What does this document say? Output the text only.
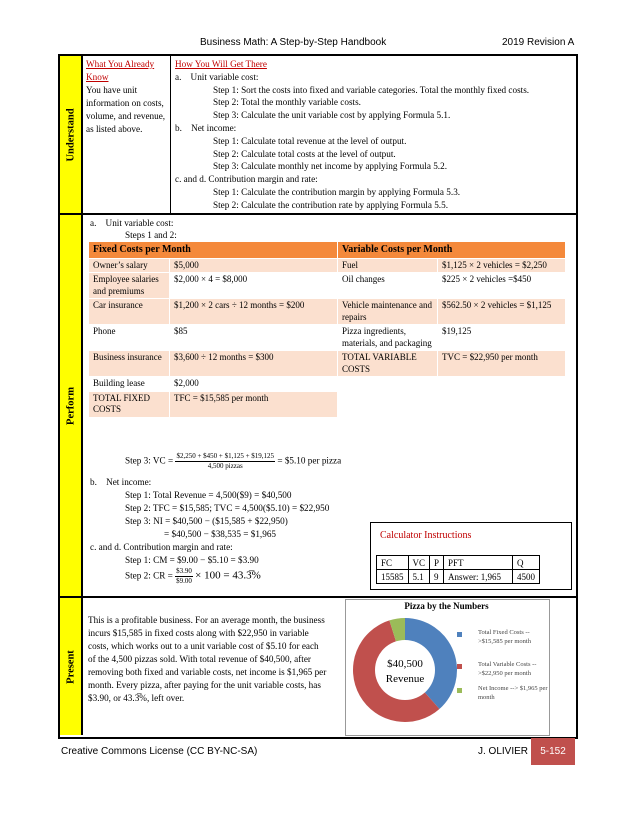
Business Math: A Step-by-Step Handbook	2019 Revision A
Understand
Perform
Present
What You Already Know
You have unit information on costs, volume, and revenue, as listed above.
How You Will Get There
a. Unit variable cost:
Step 1: Sort the costs into fixed and variable categories. Total the monthly fixed costs.
Step 2: Total the monthly variable costs.
Step 3: Calculate the unit variable cost by applying Formula 5.1.
b. Net income:
Step 1: Calculate total revenue at the level of output.
Step 2: Calculate total costs at the level of output.
Step 3: Calculate monthly net income by applying Formula 5.2.
c. and d. Contribution margin and rate:
Step 1: Calculate the contribution margin by applying Formula 5.3.
Step 2: Calculate the contribution rate by applying Formula 5.5.
a. Unit variable cost:
Steps 1 and 2:
Fixed Costs per Month		Variable Costs per Month	
Owner’s salary	$5,000	Fuel	$1,125 × 2 vehicles = $2,250
Employee salaries and premiums	$2,000 × 4 = $8,000	Oil changes	$225 × 2 vehicles =$450
Car insurance	$1,200 × 2 cars ÷ 12 months = $200	Vehicle maintenance and repairs	$562.50 × 2 vehicles = $1,125
Phone	$85	Pizza ingredients, materials, and packaging	$19,125
Business insurance	$3,600 ÷ 12 months = $300	TOTAL VARIABLE COSTS	TVC = $22,950 per month
Building lease	$2,000		
TOTAL FIXED COSTS	TFC = $15,585 per month		
Step 3: VC = $\frac{\$2,250 + \$450 + \$1,125 + \$19,125}{\text{4,500 pizzas}}$ = $5.10 per pizza
b. Net income:
Step 1: Total Revenue = 4,500($9) = $40,500
Step 2: TFC = $15,585; TVC = 4,500($5.10) = $22,950
Step 3: NI = $40,500 − ($15,585 + $22,950)
= $40,500 − $38,535 = $1,965
c. and d. Contribution margin and rate:
Step 1: CM = $9.00 − $5.10 = $3.90
Step 2: CR = $\frac{\$3.90}{\$9.00} \times 100$ = 43.3̅%
Calculator Instructions
FC	VC	P	PFT	Q
15585	5.1	9	Answer: 1,965	4500
This is a profitable business. For an average month, the business incurs $15,585 in fixed costs along with $22,950 in variable costs, which works out to a unit variable cost of $5.10 for each of the 4,500 pizzas sold. With total revenue of $40,500, after removing both fixed and variable costs, net income is $1,965 per month. Every pizza, after paying for the unit variable costs, has $3.90, or 43.3̅%, left over.
Pizza by the Numbers
$40,500
Revenue
Total Fixed Costs -->$15,585 per month
Total Variable Costs -->$22,950 per month
Net Income --> $1,965 per month
Creative Commons License (CC BY-NC-SA)	J. OLIVIER	5-152
